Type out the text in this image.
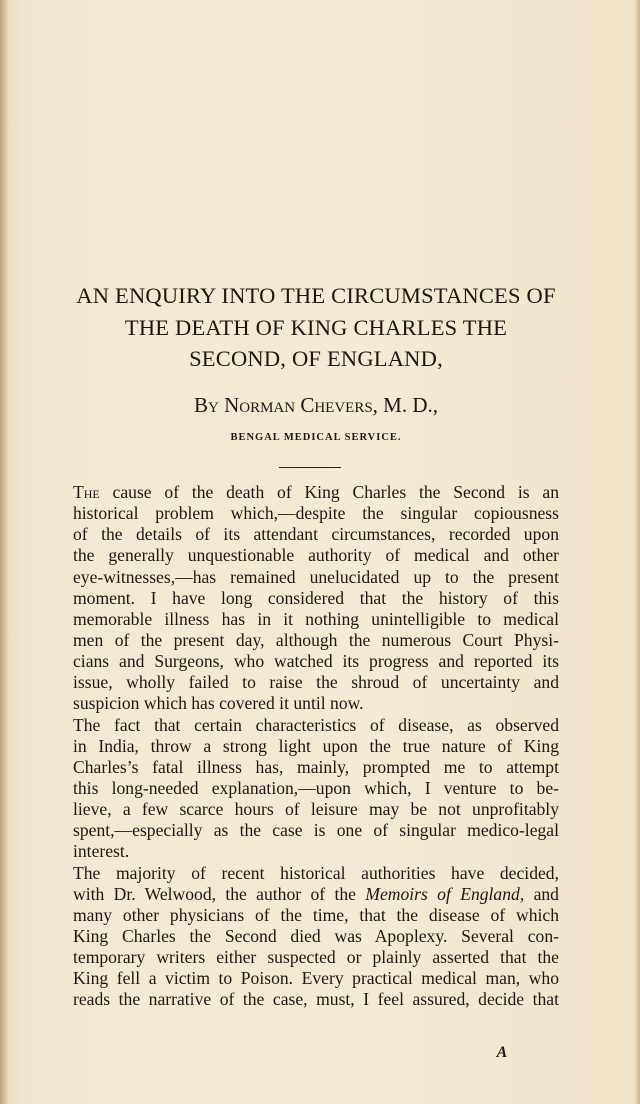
AN ENQUIRY INTO THE CIRCUMSTANCES OF
THE DEATH OF KING CHARLES THE
SECOND, OF ENGLAND,
By Norman Chevers, M. D.,
BENGAL MEDICAL SERVICE.
The cause of the death of King Charles the Second is an
historical problem which,—despite the singular copiousness
of the details of its attendant circumstances, recorded upon
the generally unquestionable authority of medical and other
eye-witnesses,—has remained unelucidated up to the present
moment. I have long considered that the history of this
memorable illness has in it nothing unintelligible to medical
men of the present day, although the numerous Court Physi-
cians and Surgeons, who watched its progress and reported its
issue, wholly failed to raise the shroud of uncertainty and
suspicion which has covered it until now.
The fact that certain characteristics of disease, as observed
in India, throw a strong light upon the true nature of King
Charles’s fatal illness has, mainly, prompted me to attempt
this long-needed explanation,—upon which, I venture to be-
lieve, a few scarce hours of leisure may be not unprofitably
spent,—especially as the case is one of singular medico-legal
interest.
The majority of recent historical authorities have decided,
with Dr. Welwood, the author of the Memoirs of England, and
many other physicians of the time, that the disease of which
King Charles the Second died was Apoplexy. Several con-
temporary writers either suspected or plainly asserted that the
King fell a victim to Poison. Every practical medical man, who
reads the narrative of the case, must, I feel assured, decide that
A
